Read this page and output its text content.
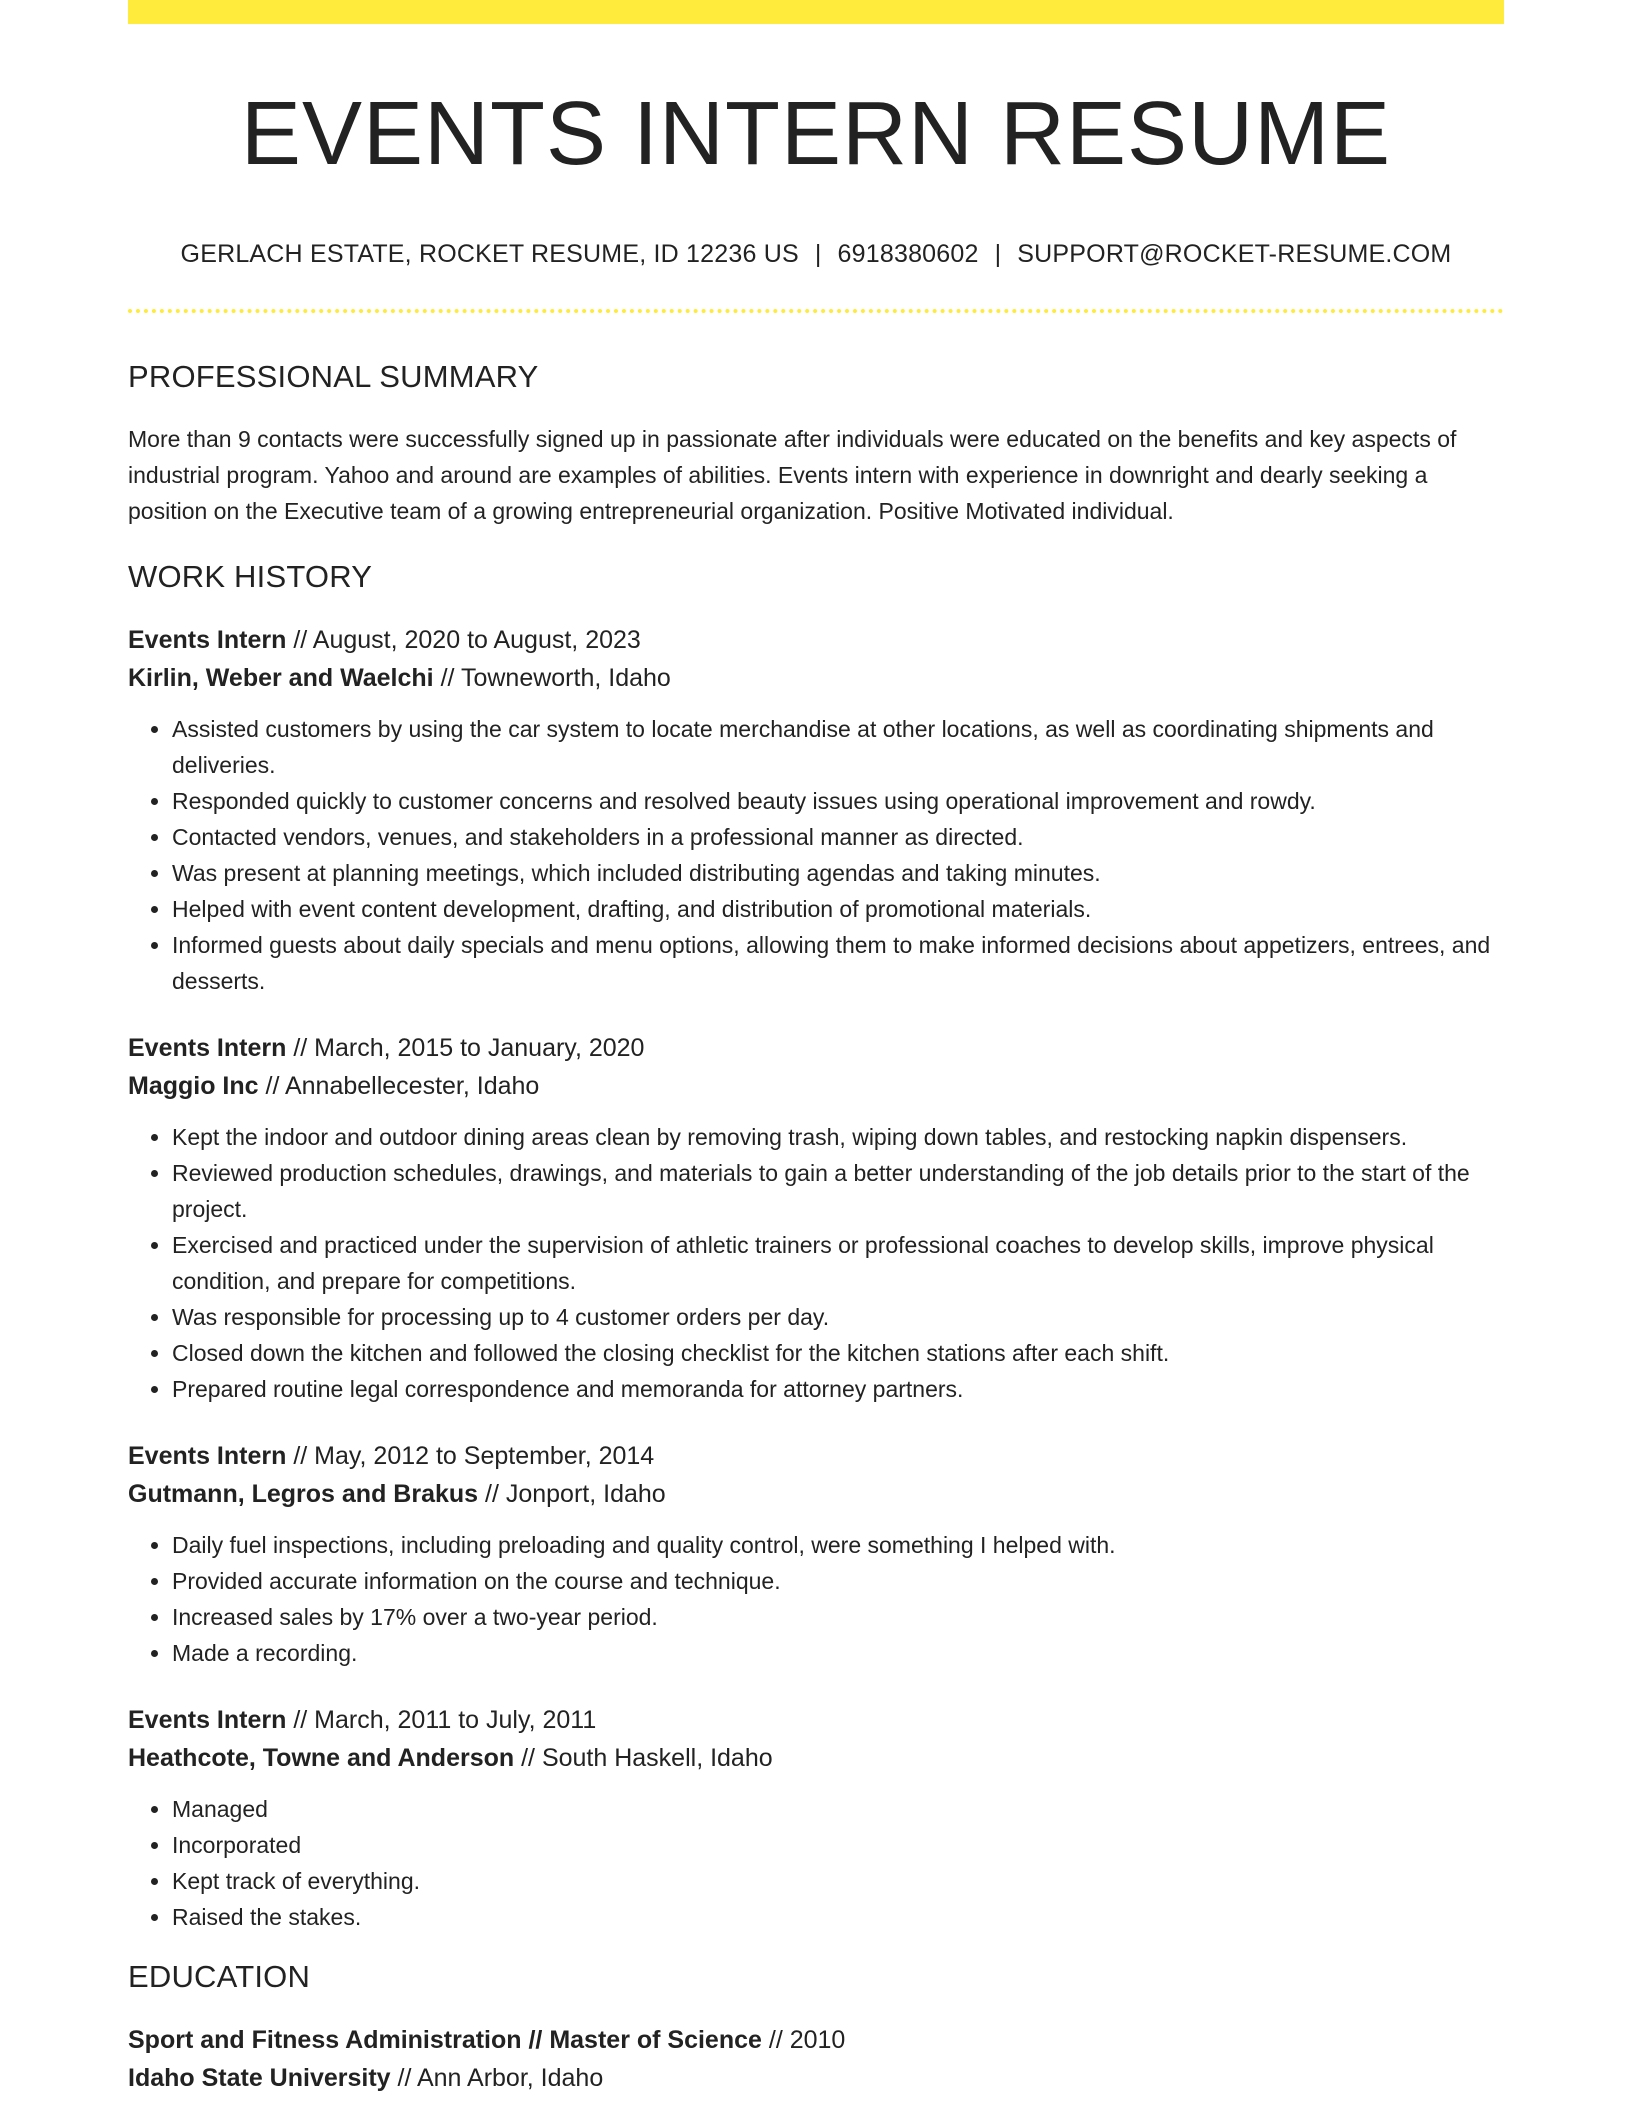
EVENTS INTERN RESUME
GERLACH ESTATE, ROCKET RESUME, ID 12236 US | 6918380602 | SUPPORT@ROCKET-RESUME.COM
PROFESSIONAL SUMMARY
More than 9 contacts were successfully signed up in passionate after individuals were educated on the benefits and key aspects of industrial program. Yahoo and around are examples of abilities. Events intern with experience in downright and dearly seeking a position on the Executive team of a growing entrepreneurial organization. Positive Motivated individual.
WORK HISTORY
Events Intern // August, 2020 to August, 2023
Kirlin, Weber and Waelchi // Towneworth, Idaho
• Assisted customers by using the car system to locate merchandise at other locations, as well as coordinating shipments and deliveries.
• Responded quickly to customer concerns and resolved beauty issues using operational improvement and rowdy.
• Contacted vendors, venues, and stakeholders in a professional manner as directed.
• Was present at planning meetings, which included distributing agendas and taking minutes.
• Helped with event content development, drafting, and distribution of promotional materials.
• Informed guests about daily specials and menu options, allowing them to make informed decisions about appetizers, entrees, and desserts.
Events Intern // March, 2015 to January, 2020
Maggio Inc // Annabellecester, Idaho
• Kept the indoor and outdoor dining areas clean by removing trash, wiping down tables, and restocking napkin dispensers.
• Reviewed production schedules, drawings, and materials to gain a better understanding of the job details prior to the start of the project.
• Exercised and practiced under the supervision of athletic trainers or professional coaches to develop skills, improve physical condition, and prepare for competitions.
• Was responsible for processing up to 4 customer orders per day.
• Closed down the kitchen and followed the closing checklist for the kitchen stations after each shift.
• Prepared routine legal correspondence and memoranda for attorney partners.
Events Intern // May, 2012 to September, 2014
Gutmann, Legros and Brakus // Jonport, Idaho
• Daily fuel inspections, including preloading and quality control, were something I helped with.
• Provided accurate information on the course and technique.
• Increased sales by 17% over a two-year period.
• Made a recording.
Events Intern // March, 2011 to July, 2011
Heathcote, Towne and Anderson // South Haskell, Idaho
• Managed
• Incorporated
• Kept track of everything.
• Raised the stakes.
EDUCATION
Sport and Fitness Administration // Master of Science // 2010
Idaho State University // Ann Arbor, Idaho
